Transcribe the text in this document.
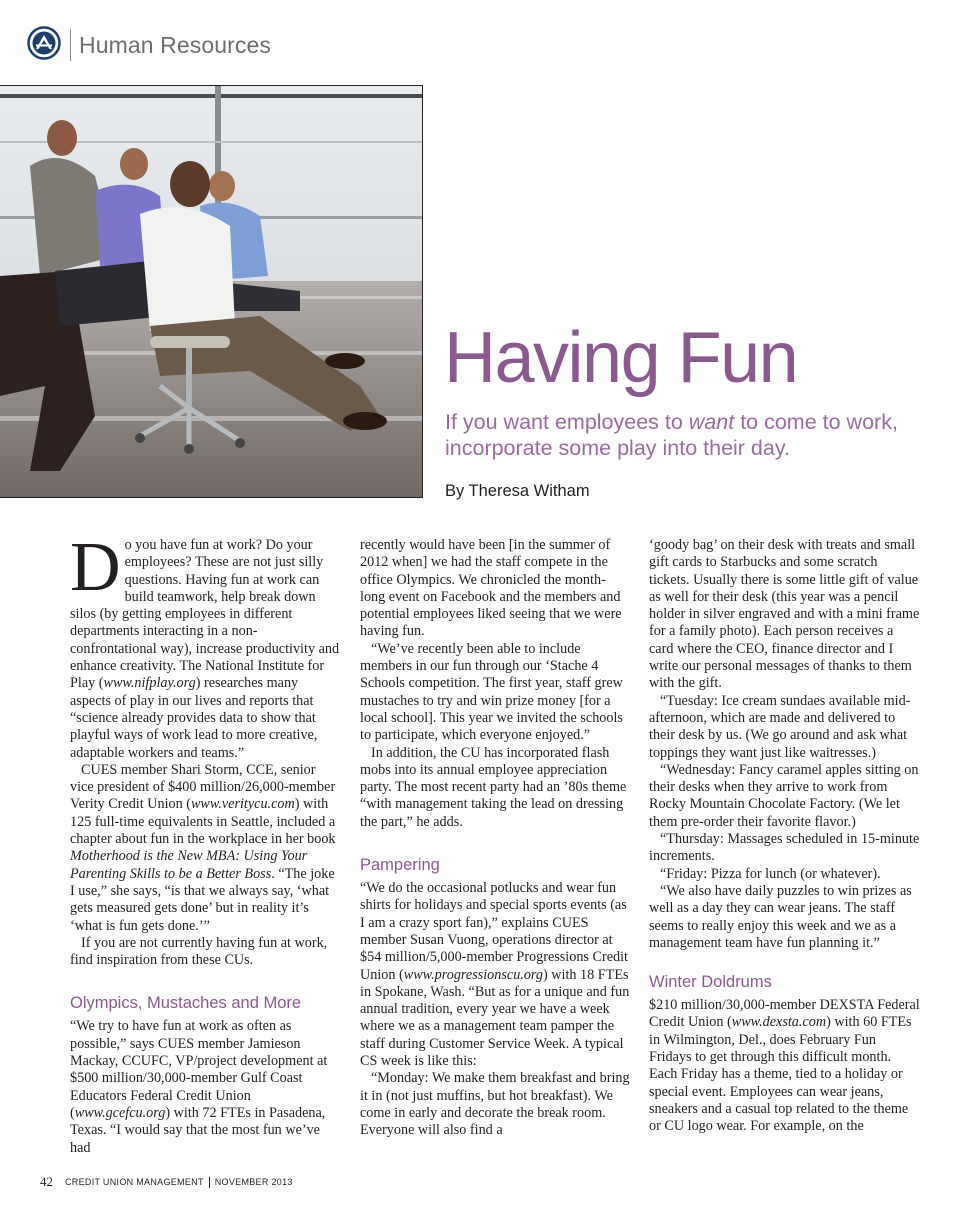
Human Resources
Having Fun
If you want employees to want to come to work, incorporate some play into their day.
By Theresa Witham

Do you have fun at work? Do your employees? These are not just silly questions. Having fun at work can build teamwork, help break down silos (by getting employees in different departments interacting in a non-confrontational way), increase productivity and enhance creativity. The National Institute for Play (www.nifplay.org) researches many aspects of play in our lives and reports that “science already provides data to show that playful ways of work lead to more creative, adaptable workers and teams.”

CUES member Shari Storm, CCE, senior vice president of $400 million/26,000-member Verity Credit Union (www.veritycu.com) with 125 full-time equivalents in Seattle, included a chapter about fun in the workplace in her book Motherhood is the New MBA: Using Your Parenting Skills to be a Better Boss. “The joke I use,” she says, “is that we always say, ‘what gets measured gets done’ but in reality it’s ‘what is fun gets done.’”

If you are not currently having fun at work, find inspiration from these CUs.

Olympics, Mustaches and More

“We try to have fun at work as often as possible,” says CUES member Jamieson Mackay, CCUFC, VP/project development at $500 million/30,000-member Gulf Coast Educators Federal Credit Union (www.gcefcu.org) with 72 FTEs in Pasadena, Texas. “I would say that the most fun we’ve had

recently would have been [in the summer of 2012 when] we had the staff compete in the office Olympics. We chronicled the month-long event on Facebook and the members and potential employees liked seeing that we were having fun.

“We’ve recently been able to include members in our fun through our ‘Stache 4 Schools competition. The first year, staff grew mustaches to try and win prize money [for a local school]. This year we invited the schools to participate, which everyone enjoyed.”

In addition, the CU has incorporated flash mobs into its annual employee appreciation party. The most recent party had an ’80s theme “with management taking the lead on dressing the part,” he adds.

Pampering

“We do the occasional potlucks and wear fun shirts for holidays and special sports events (as I am a crazy sport fan),” explains CUES member Susan Vuong, operations director at $54 million/5,000-member Progressions Credit Union (www.progressionscu.org) with 18 FTEs in Spokane, Wash. “But as for a unique and fun annual tradition, every year we have a week where we as a management team pamper the staff during Customer Service Week. A typical CS week is like this:

“Monday: We make them breakfast and bring it in (not just muffins, but hot breakfast). We come in early and decorate the break room. Everyone will also find a

‘goody bag’ on their desk with treats and small gift cards to Starbucks and some scratch tickets. Usually there is some little gift of value as well for their desk (this year was a pencil holder in silver engraved and with a mini frame for a family photo). Each person receives a card where the CEO, finance director and I write our personal messages of thanks to them with the gift.

“Tuesday: Ice cream sundaes available mid-afternoon, which are made and delivered to their desk by us. (We go around and ask what toppings they want just like waitresses.)

“Wednesday: Fancy caramel apples sitting on their desks when they arrive to work from Rocky Mountain Chocolate Factory. (We let them pre-order their favorite flavor.)

“Thursday: Massages scheduled in 15-minute increments.

“Friday: Pizza for lunch (or whatever).

“We also have daily puzzles to win prizes as well as a day they can wear jeans. The staff seems to really enjoy this week and we as a management team have fun planning it.”

Winter Doldrums

$210 million/30,000-member DEXSTA Federal Credit Union (www.dexsta.com) with 60 FTEs in Wilmington, Del., does February Fun Fridays to get through this difficult month. Each Friday has a theme, tied to a holiday or special event. Employees can wear jeans, sneakers and a casual top related to the theme or CU logo wear. For example, on the

42 CREDIT UNION MANAGEMENT NOVEMBER 2013
